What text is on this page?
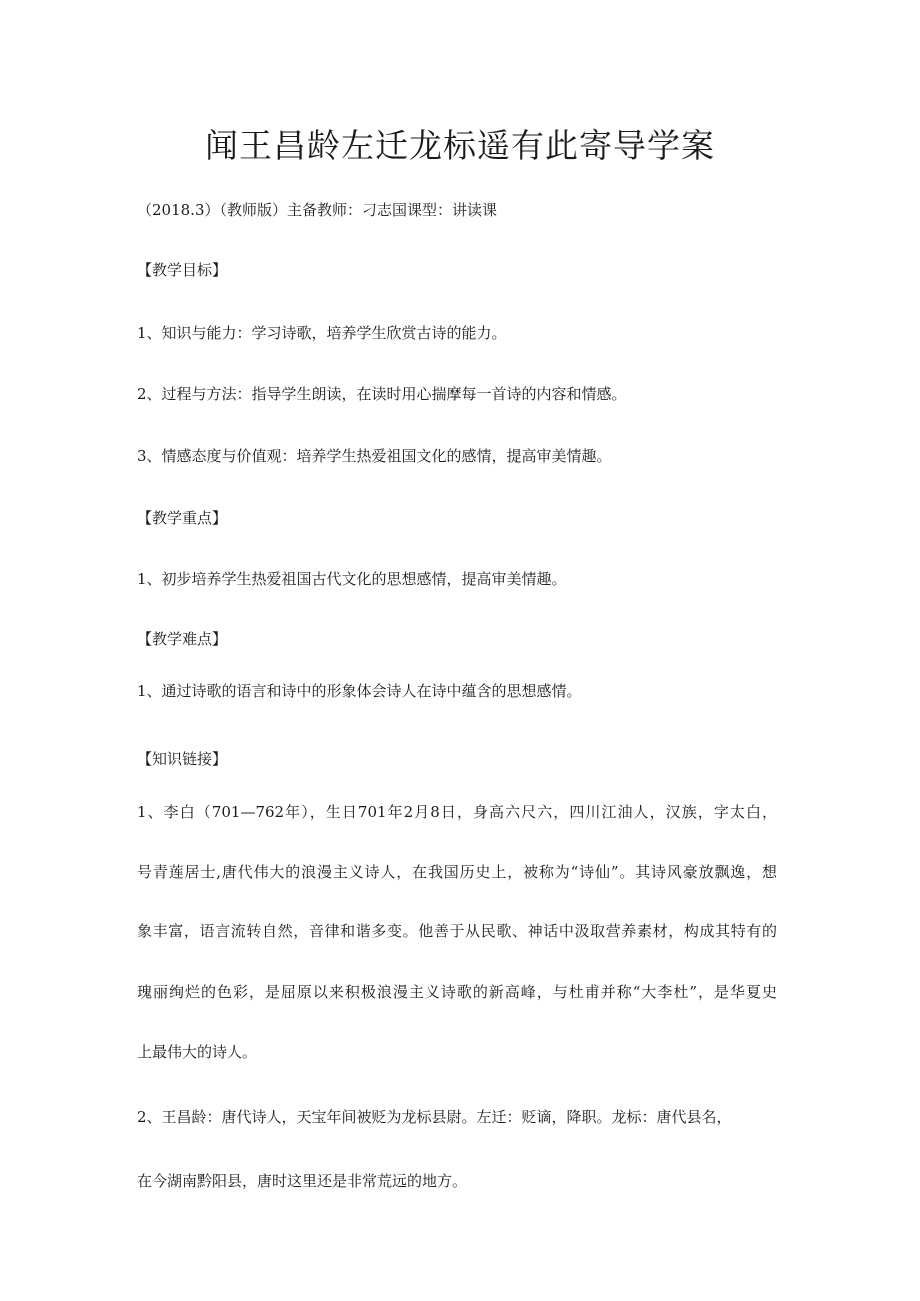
闻王昌龄左迁龙标遥有此寄导学案
（2018.3）（教师版）主备教师：刁志国课型：讲读课
【教学目标】
1、知识与能力：学习诗歌，培养学生欣赏古诗的能力。
2、过程与方法：指导学生朗读，在读时用心揣摩每一首诗的内容和情感。
3、情感态度与价值观：培养学生热爱祖国文化的感情，提高审美情趣。
【教学重点】
1、初步培养学生热爱祖国古代文化的思想感情，提高审美情趣。
【教学难点】
1、通过诗歌的语言和诗中的形象体会诗人在诗中蕴含的思想感情。
【知识链接】
1、李白（701—762年），生日701年2月8日，身高六尺六，四川江油人，汉族，字太白，
号青莲居士,唐代伟大的浪漫主义诗人，在我国历史上，被称为“诗仙”。其诗风豪放飘逸，想
象丰富，语言流转自然，音律和谐多变。他善于从民歌、神话中汲取营养素材，构成其特有的
瑰丽绚烂的色彩，是屈原以来积极浪漫主义诗歌的新高峰，与杜甫并称“大李杜”，是华夏史
上最伟大的诗人。
2、王昌龄：唐代诗人，天宝年间被贬为龙标县尉。左迁：贬谪，降职。龙标：唐代县名，
在今湖南黔阳县，唐时这里还是非常荒远的地方。
